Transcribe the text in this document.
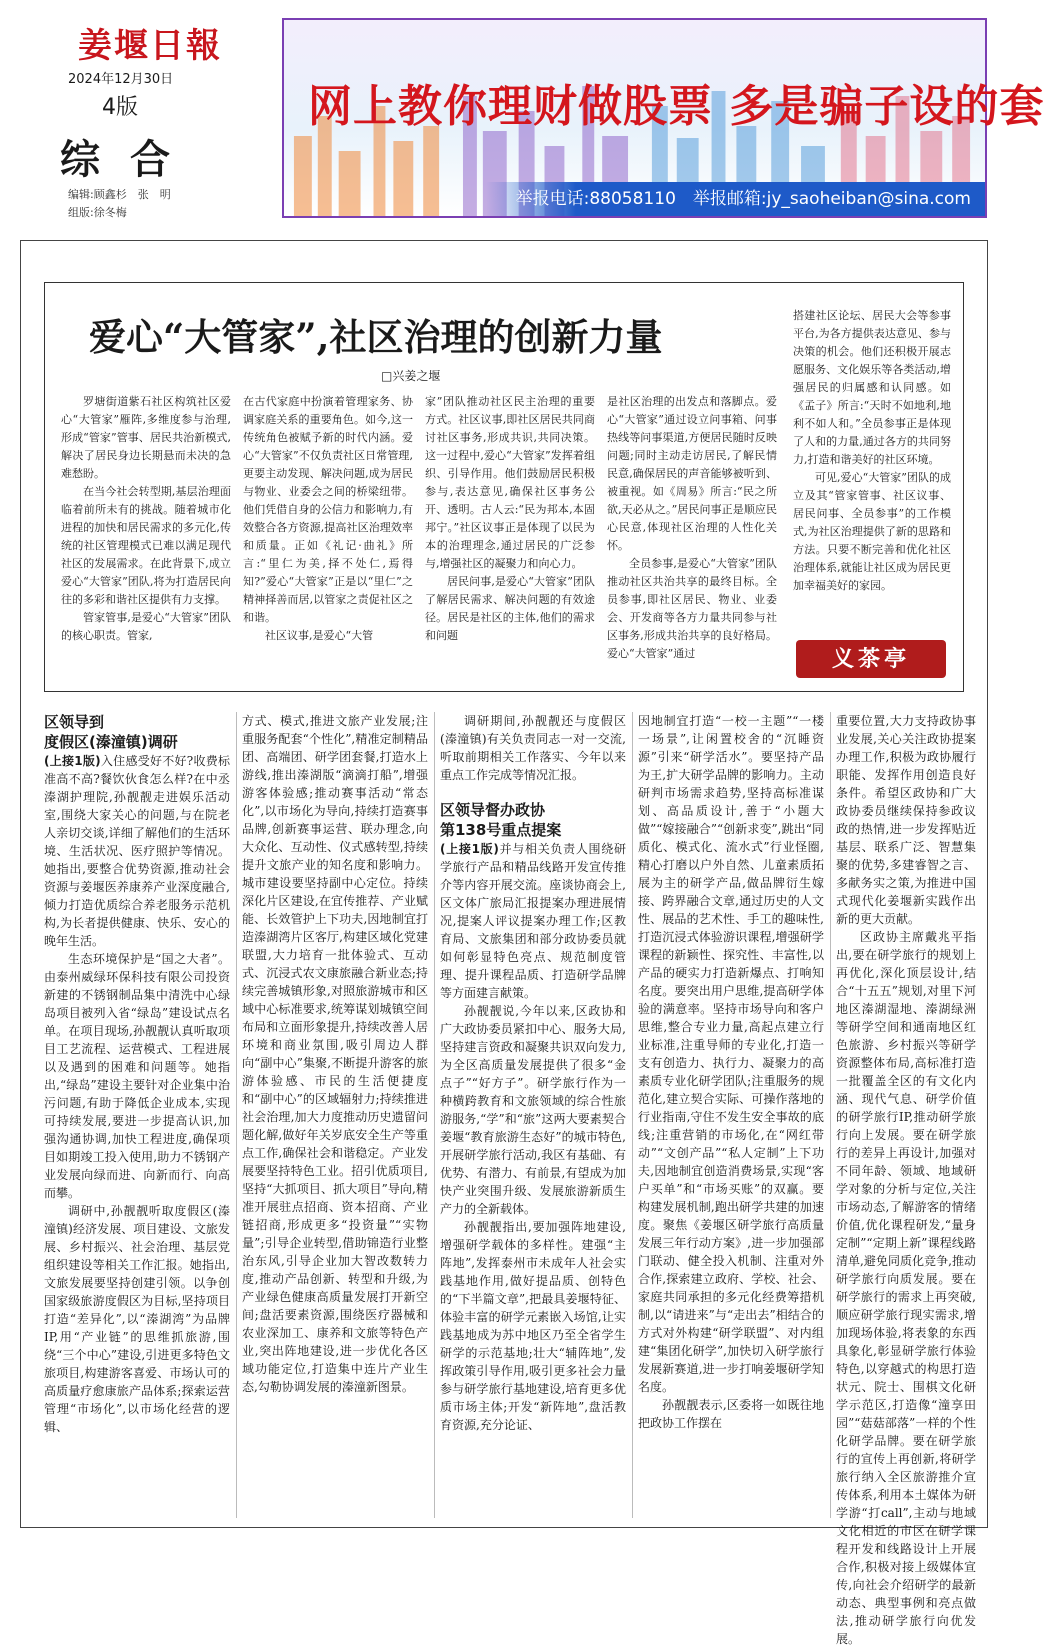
姜堰日報
2024年12月30日
4版
综合
编辑:顾鑫杉　张　明
组版:徐冬梅
网上教你理财做股票 多是骗子设的套
举报电话:88058110　举报邮箱:jy_saoheiban@sina.com
爱心“大管家”,社区治理的创新力量
□兴姜之堰

罗塘街道紫石社区构筑社区爱心“大管家”雁阵,多维度参与治理,形成“管家”管事、居民共治新模式,解决了居民身边长期悬而未决的急难愁盼。

在当今社会转型期,基层治理面临着前所未有的挑战。随着城市化进程的加快和居民需求的多元化,传统的社区管理模式已难以满足现代社区的发展需求。在此背景下,成立爱心“大管家”团队,将为打造居民向往的多彩和谐社区提供有力支撑。

管家管事,是爱心“大管家”团队的核心职责。管家,

在古代家庭中扮演着管理家务、协调家庭关系的重要角色。如今,这一传统角色被赋予新的时代内涵。爱心“大管家”不仅负责社区日常管理,更要主动发现、解决问题,成为居民与物业、业委会之间的桥梁纽带。他们凭借自身的公信力和影响力,有效整合各方资源,提高社区治理效率和质量。正如《礼记·曲礼》所言:“里仁为美,择不处仁,焉得知?”爱心“大管家”正是以“里仁”之精神择善而居,以管家之责促社区之和谐。

社区议事,是爱心“大管

家”团队推动社区民主治理的重要方式。社区议事,即社区居民共同商讨社区事务,形成共识,共同决策。这一过程中,爱心“大管家”发挥着组织、引导作用。他们鼓励居民积极参与,表达意见,确保社区事务公开、透明。古人云:“民为邦本,本固邦宁。”社区议事正是体现了以民为本的治理理念,通过居民的广泛参与,增强社区的凝聚力和向心力。

居民问事,是爱心“大管家”团队了解居民需求、解决问题的有效途径。居民是社区的主体,他们的需求和问题

是社区治理的出发点和落脚点。爱心“大管家”通过设立问事箱、问事热线等问事渠道,方便居民随时反映问题;同时主动走访居民,了解民情民意,确保居民的声音能够被听到、被重视。如《周易》所言:“民之所欲,天必从之。”居民问事正是顺应民心民意,体现社区治理的人性化关怀。

全员参事,是爱心“大管家”团队推动社区共治共享的最终目标。全员参事,即社区居民、物业、业委会、开发商等各方力量共同参与社区事务,形成共治共享的良好格局。爱心“大管家”通过

搭建社区论坛、居民大会等参事平台,为各方提供表达意见、参与决策的机会。他们还积极开展志愿服务、文化娱乐等各类活动,增强居民的归属感和认同感。如《孟子》所言:“天时不如地利,地利不如人和。”全员参事正是体现了人和的力量,通过各方的共同努力,打造和谐美好的社区环境。

可见,爱心“大管家”团队的成立及其“管家管事、社区议事、居民问事、全员参事”的工作模式,为社区治理提供了新的思路和方法。只要不断完善和优化社区治理体系,就能让社区成为居民更加幸福美好的家园。

义茶亭
区领导到
度假区(溱潼镇)调研

(上接1版)入住感受好不好?收费标准高不高?餐饮伙食怎么样?在中丞溱湖护理院,孙靓靓走进娱乐活动室,围绕大家关心的问题,与在院老人亲切交谈,详细了解他们的生活环境、生活状况、医疗照护等情况。她指出,要整合优势资源,推动社会资源与姜堰医养康养产业深度融合,倾力打造优质综合养老服务示范机构,为长者提供健康、快乐、安心的晚年生活。

生态环境保护是“国之大者”。由泰州威绿环保科技有限公司投资新建的不锈钢制品集中清洗中心绿岛项目被列入省“绿岛”建设试点名单。在项目现场,孙靓靓认真听取项目工艺流程、运营模式、工程进展以及遇到的困难和问题等。她指出,“绿岛”建设主要针对企业集中治污问题,有助于降低企业成本,实现可持续发展,要进一步提高认识,加强沟通协调,加快工程进度,确保项目如期竣工投入使用,助力不锈钢产业发展向绿而进、向新而行、向高而攀。

调研中,孙靓靓听取度假区(溱潼镇)经济发展、项目建设、文旅发展、乡村振兴、社会治理、基层党组织建设等相关工作汇报。她指出,文旅发展要坚持创建引领。以争创国家级旅游度假区为目标,坚持项目打造“差异化”,以“溱湖湾”为品牌IP,用“产业链”的思维抓旅游,围绕“三个中心”建设,引进更多特色文旅项目,构建游客喜爱、市场认可的高质量疗愈康旅产品体系;探索运营管理“市场化”,以市场化经营的逻辑、

方式、模式,推进文旅产业发展;注重服务配套“个性化”,精准定制精品团、高端团、研学团套餐,打造水上游线,推出溱湖版“滴滴打船”,增强游客体验感;推动赛事活动“常态化”,以市场化为导向,持续打造赛事品牌,创新赛事运营、联办理念,向大众化、互动性、仪式感转型,持续提升文旅产业的知名度和影响力。城市建设要坚持副中心定位。持续深化片区建设,在宜传推荐、产业赋能、长效管护上下功夫,因地制宜打造溱湖湾片区客厅,构建区域化党建联盟,大力培育一批体验式、互动式、沉浸式农文康旅融合新业态;持续完善城镇形象,对照旅游城市和区域中心标准要求,统筹谋划城镇空间布局和立面形象提升,持续改善人居环境和商业氛围,吸引周边人群向“副中心”集聚,不断提升游客的旅游体验感、市民的生活便捷度和“副中心”的区域辐射力;持续推进社会治理,加大力度推动历史遗留问题化解,做好年关岁底安全生产等重点工作,确保社会和谐稳定。产业发展要坚持特色工业。招引优质项目,坚持“大抓项目、抓大项目”导向,精准开展驻点招商、资本招商、产业链招商,形成更多“投资量”“实物量”;引导企业转型,借助锦造行业整治东风,引导企业加大智改数转力度,推动产品创新、转型和升级,为产业绿色健康高质量发展打开新空间;盘活要素资源,围绕医疗器械和农业深加工、康养和文旅等特色产业,突出阵地建设,进一步优化各区域功能定位,打造集中连片产业生态,勾勒协调发展的溱潼新图景。

调研期间,孙靓靓还与度假区(溱潼镇)有关负责同志一对一交流,听取前期相关工作落实、今年以来重点工作完成等情况汇报。

区领导督办政协
第138号重点提案

(上接1版)并与相关负责人围绕研学旅行产品和精品线路开发宣传推介等内容开展交流。座谈协商会上,区文体广旅局汇报提案办理进展情况,提案人评议提案办理工作;区教育局、文旅集团和部分政协委员就如何彰显特色亮点、规范制度管理、提升课程品质、打造研学品牌等方面建言献策。

孙靓靓说,今年以来,区政协和广大政协委员紧扣中心、服务大局,坚持建言资政和凝聚共识双向发力,为全区高质量发展提供了很多“金点子”“好方子”。研学旅行作为一种横跨教育和文旅领域的综合性旅游服务,“学”和“旅”这两大要素契合姜堰“教育旅游生态好”的城市特色,开展研学旅行活动,我区有基础、有优势、有潜力、有前景,有望成为加快产业突围升级、发展旅游新质生产力的全新载体。

孙靓靓指出,要加强阵地建设,增强研学载体的多样性。建强“主阵地”,发挥泰州市未成年人社会实践基地作用,做好提品质、创特色的“下半篇文章”,把最具姜堰特征、体验丰富的研学元素嵌入场馆,让实践基地成为苏中地区乃至全省学生研学的示范基地;壮大“辅阵地”,发挥政策引导作用,吸引更多社会力量参与研学旅行基地建设,培育更多优质市场主体;开发“新阵地”,盘活教育资源,充分论证、

因地制宜打造“一校一主题”“一楼一场景”,让闲置校舍的“沉睡资源”引来“研学活水”。要坚持产品为王,扩大研学品牌的影响力。主动研判市场需求趋势,坚持高标准谋划、高品质设计,善于“小题大做”“嫁接融合”“创新求变”,跳出“同质化、模式化、流水式”行业怪圈,精心打磨以户外自然、儿童素质拓展为主的研学产品,做品牌衍生嫁接、跨界融合文章,通过历史的人文性、展品的艺术性、手工的趣味性,打造沉浸式体验游识课程,增强研学课程的新颖性、探究性、丰富性,以产品的硬实力打造新爆点、打响知名度。要突出用户思维,提高研学体验的满意率。坚持市场导向和客户思维,整合专业力量,高起点建立行业标准,注重导师的专业化,打造一支有创造力、执行力、凝聚力的高素质专业化研学团队;注重服务的规范化,建立契合实际、可操作落地的行业指南,守住不发生安全事故的底线;注重营销的市场化,在“网红带动”“文创产品”“私人定制”上下功夫,因地制宜创造消费场景,实现“客户买单”和“市场买账”的双赢。要构建发展机制,跑出研学共建的加速度。聚焦《姜堰区研学旅行高质量发展三年行动方案》,进一步加强部门联动、健全投入机制、注重对外合作,探索建立政府、学校、社会、家庭共同承担的多元化经费筹措机制,以“请进来”与“走出去”相结合的方式对外构建“研学联盟”、对内组建“集团化研学”,加快切入研学旅行发展新赛道,进一步打响姜堰研学知名度。

孙靓靓表示,区委将一如既往地把政协工作摆在

重要位置,大力支持政协事业发展,关心关注政协提案办理工作,积极为政协履行职能、发挥作用创造良好条件。希望区政协和广大政协委员继续保持参政议政的热情,进一步发挥贴近基层、联系广泛、智慧集聚的优势,多建睿智之言、多献务实之策,为推进中国式现代化姜堰新实践作出新的更大贡献。

区政协主席戴兆平指出,要在研学旅行的规划上再优化,深化顶层设计,结合“十五五”规划,对里下河地区溱湖湿地、溱湖绿洲等研学空间和通南地区红色旅游、乡村振兴等研学资源整体布局,高标准打造一批覆盖全区的有文化内涵、现代气息、研学价值的研学旅行IP,推动研学旅行向上发展。要在研学旅行的差异上再设计,加强对不同年龄、领域、地域研学对象的分析与定位,关注市场动态,了解游客的情绪价值,优化课程研发,“量身定制”“定期上新”课程线路清单,避免同质化竞争,推动研学旅行向质发展。要在研学旅行的需求上再突破,顺应研学旅行现实需求,增加现场体验,将表象的东西具象化,彰显研学旅行体验特色,以穿越式的构思打造状元、院士、围棋文化研学示范区,打造像“潼享田园”“菇菇部落”一样的个性化研学品牌。要在研学旅行的宣传上再创新,将研学旅行纳入全区旅游推介宣传体系,利用本土媒体为研学游“打call”,主动与地域文化相近的市区在研学课程开发和线路设计上开展合作,积极对接上级媒体宣传,向社会介绍研学的最新动态、典型事例和亮点做法,推动研学旅行向优发展。
